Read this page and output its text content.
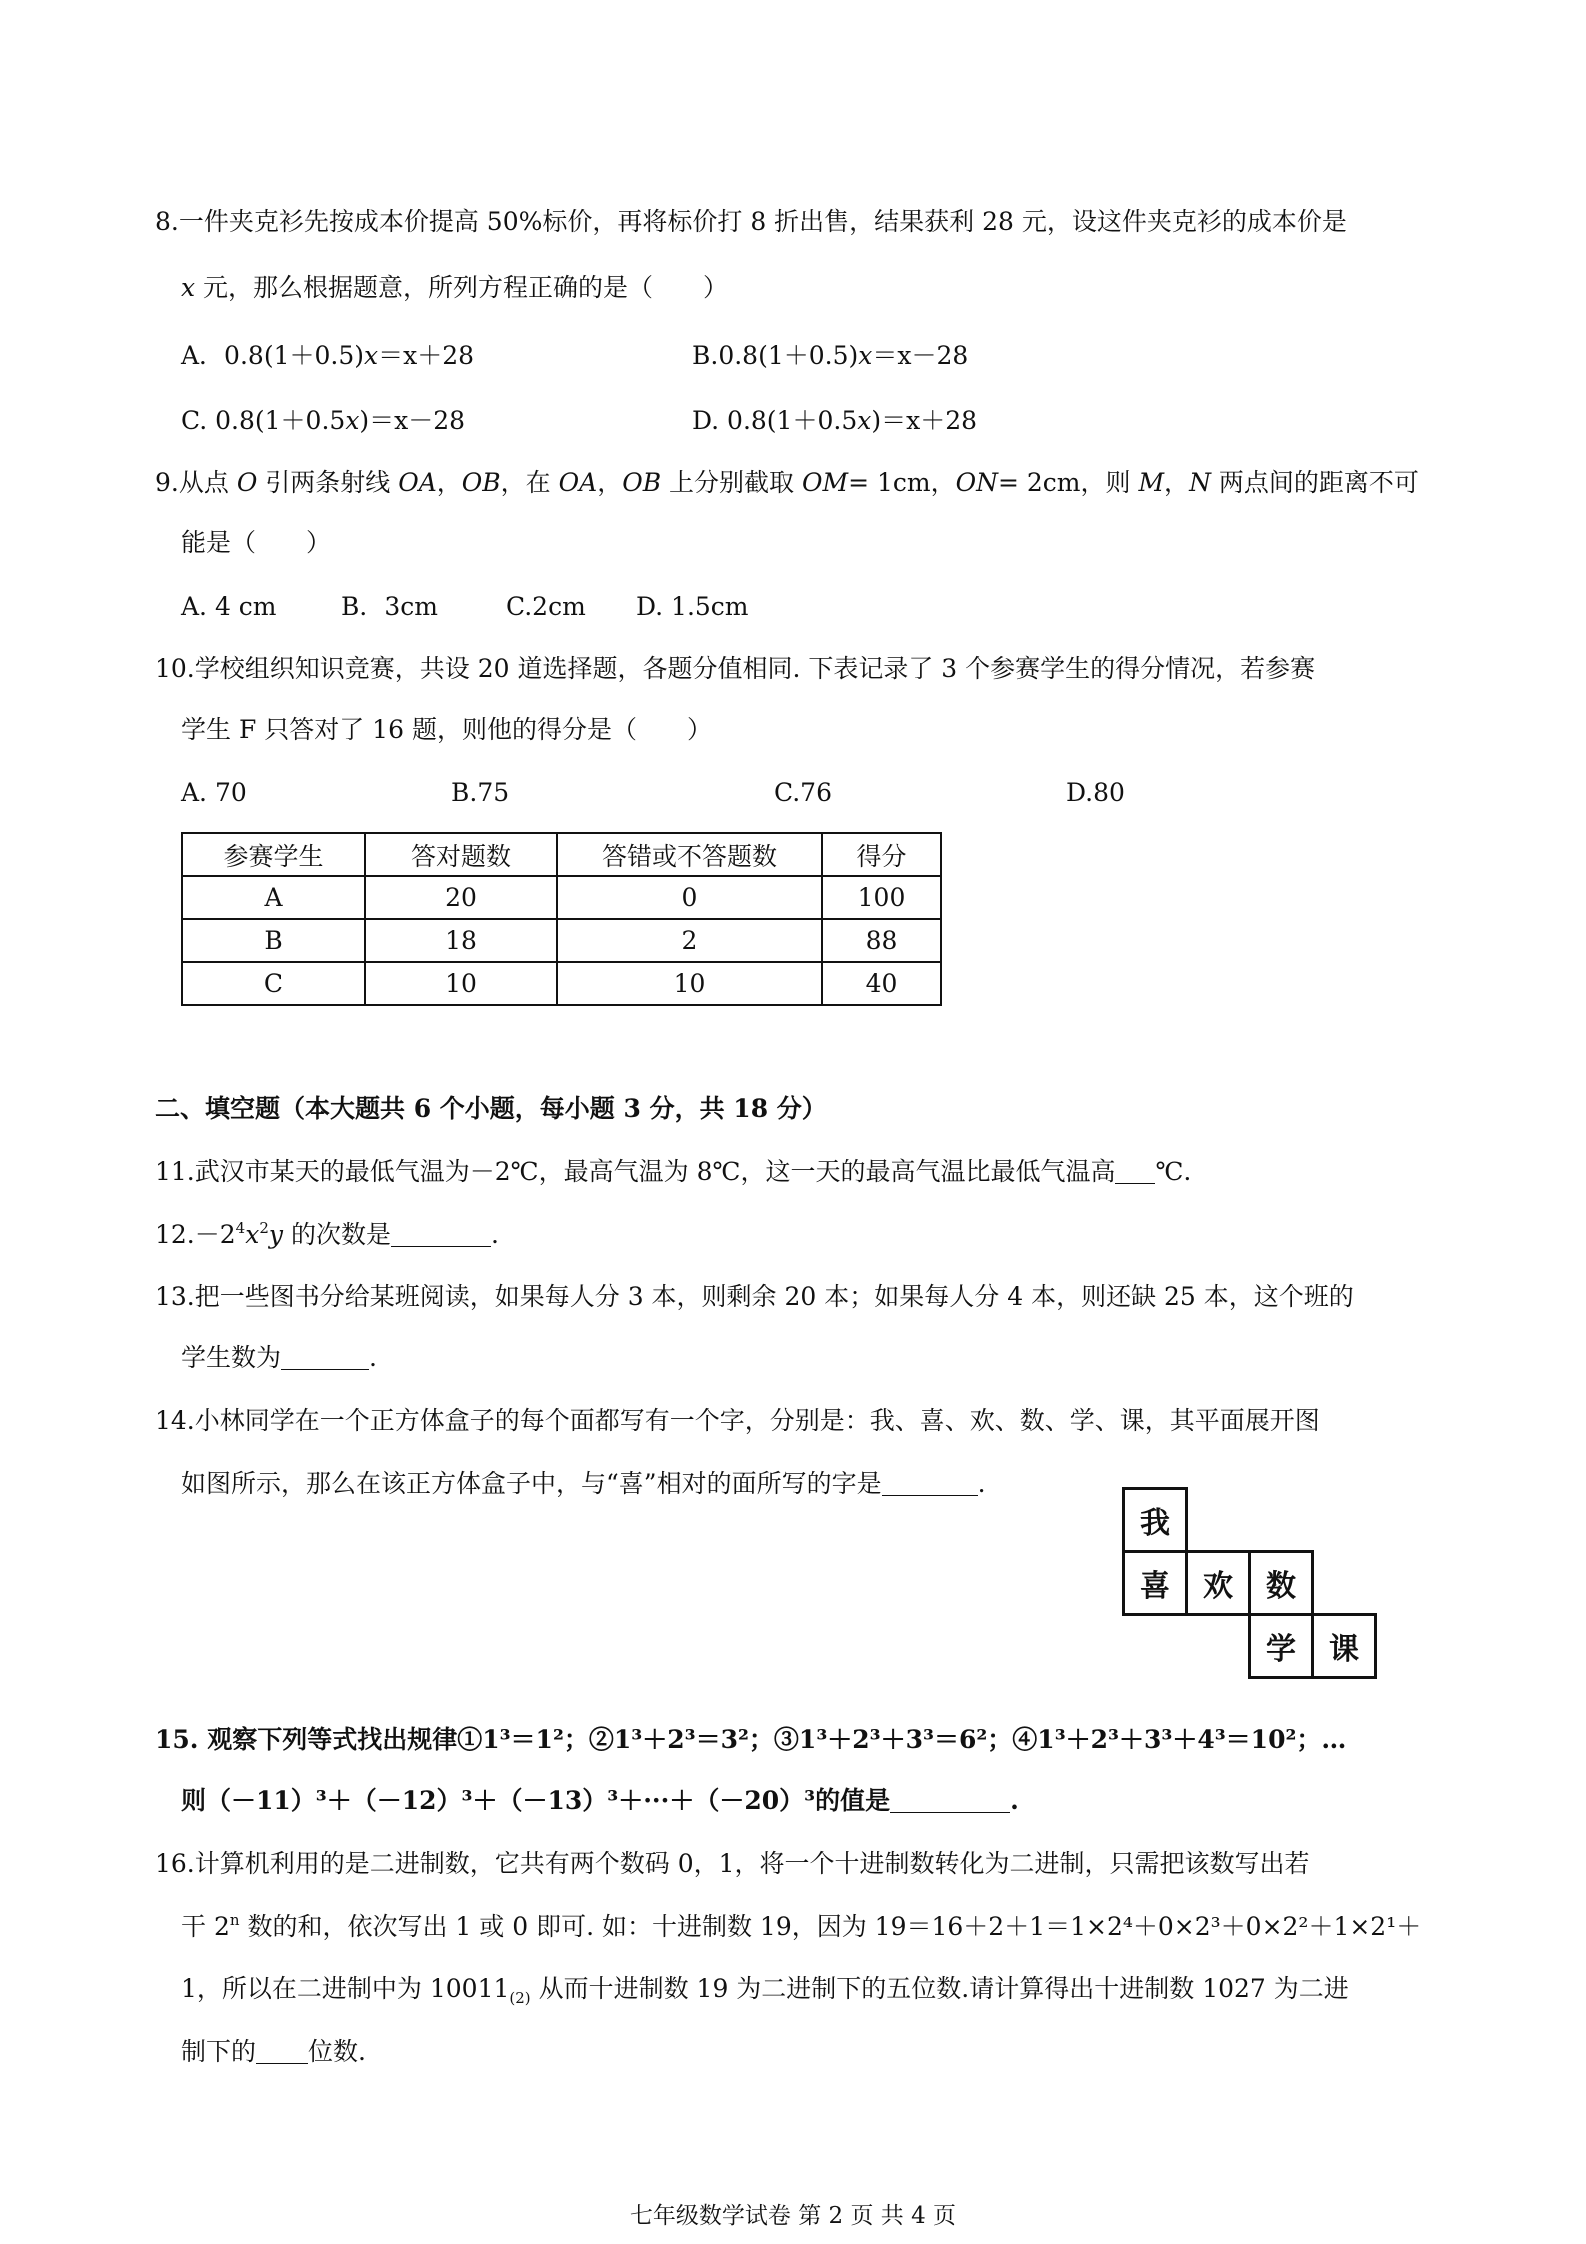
8.一件夹克衫先按成本价提高 50%标价，再将标价打 8 折出售，结果获利 28 元，设这件夹克衫的成本价是
x 元，那么根据题意，所列方程正确的是（　　）
A．0.8(1＋0.5)x＝x＋28	B.0.8(1＋0.5)x＝x－28
C. 0.8(1＋0.5x)＝x－28	D. 0.8(1＋0.5x)＝x＋28
9.从点 O 引两条射线 OA，OB，在 OA，OB 上分别截取 OM= 1cm，ON= 2cm，则 M，N 两点间的距离不可
能是（　　）
A. 4 cm	B．3cm	C.2cm D. 1.5cm
10.学校组织知识竞赛，共设 20 道选择题，各题分值相同. 下表记录了 3 个参赛学生的得分情况，若参赛
学生 F 只答对了 16 题，则他的得分是（　　）
A. 70	B.75	C.76	D.80
参赛学生	答对题数	答错或不答题数	得分
A	20	0	100
B	18	2	88
C	10	10	40
二、填空题（本大题共 6 个小题，每小题 3 分，共 18 分）
11.武汉市某天的最低气温为－2℃，最高气温为 8℃，这一天的最高气温比最低气温高 ℃.
$12.-2^4x^2y$ 的次数是	.
13.把一些图书分给某班阅读，如果每人分 3 本，则剩余 20 本；如果每人分 4 本，则还缺 25 本，这个班的
学生数为	.
14.小林同学在一个正方体盒子的每个面都写有一个字，分别是：我、喜、欢、数、学、课，其平面展开图
如图所示，那么在该正方体盒子中，与“喜”相对的面所写的字是	.
我
喜	欢	数
学	课
15. 观察下列等式找出规律①1³＝1²；②1³＋2³＝3²；③1³＋2³＋3³＝6²；④1³＋2³＋3³＋4³＝10²；…
则（－11）³＋（－12）³＋（－13）³＋···＋（－20）³的值是	.
16.计算机利用的是二进制数，它共有两个数码 0，1，将一个十进制数转化为二进制，只需把该数写出若
干 2$^n$ 数的和，依次写出 1 或 0 即可. 如：十进制数 19，因为 19＝16＋2＋1＝1×2⁴＋0×2³＋0×2²＋1×2¹＋
1，所以在二进制中为 $10011_{(2)}$ 从而十进制数 19 为二进制下的五位数.请计算得出十进制数 1027 为二进
制下的 位数.
七年级数学试卷 第 2 页 共 4 页
